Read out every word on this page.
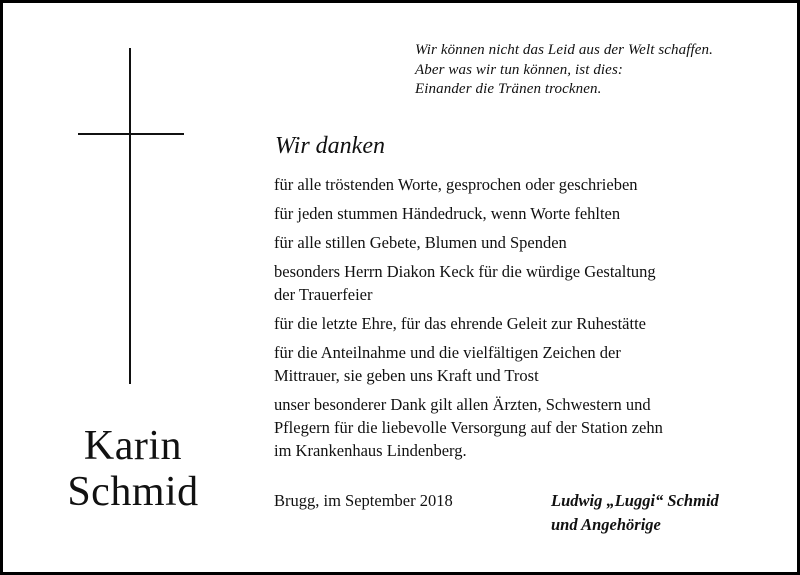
Wir können nicht das Leid aus der Welt schaffen.
Aber was wir tun können, ist dies:
Einander die Tränen trocknen.
Karin
Schmid
Wir danken
für alle tröstenden Worte, gesprochen oder geschrieben
für jeden stummen Händedruck, wenn Worte fehlten
für alle stillen Gebete, Blumen und Spenden
besonders Herrn Diakon Keck für die würdige Gestaltung
der Trauerfeier
für die letzte Ehre, für das ehrende Geleit zur Ruhestätte
für die Anteilnahme und die vielfältigen Zeichen der
Mittrauer, sie geben uns Kraft und Trost
unser besonderer Dank gilt allen Ärzten, Schwestern und
Pflegern für die liebevolle Versorgung auf der Station zehn
im Krankenhaus Lindenberg.
Brugg, im September 2018	Ludwig „Luggi“ Schmid
und Angehörige
